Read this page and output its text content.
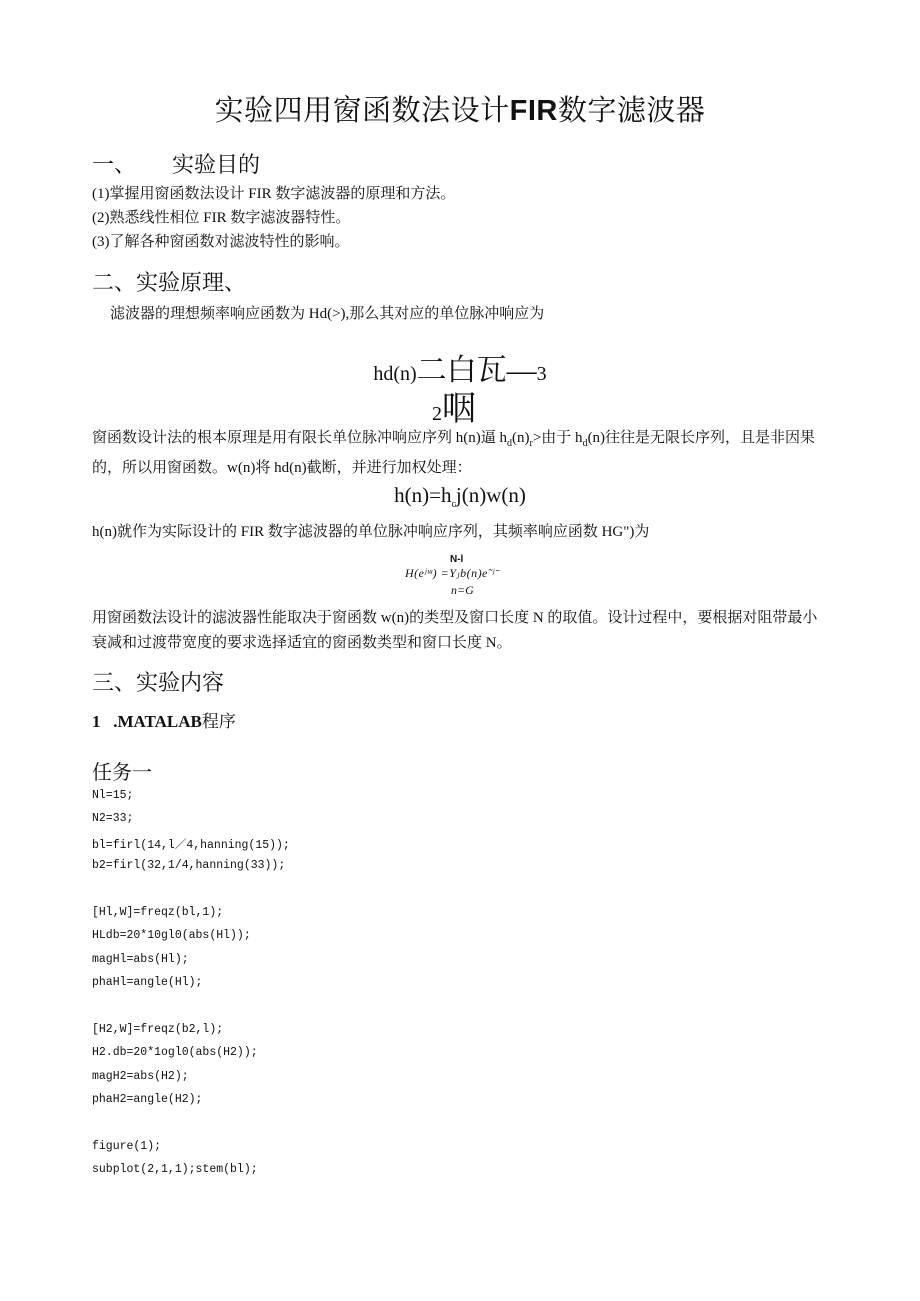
实验四用窗函数法设计FIR数字滤波器
一、 实验目的
(1)掌握用窗函数法设计 FIR 数字滤波器的原理和方法。
(2)熟悉线性相位 FIR 数字滤波器特性。
(3)了解各种窗函数对滤波特性的影响。
二、实验原理、
滤波器的理想频率响应函数为 Hd(>),那么其对应的单位脉冲响应为
hd(n)二白瓦—3
2咽
窗函数设计法的根本原理是用有限长单位脉冲响应序列 h(n)逼 $h_d(n)_r>$由于 $h_d(n)$往往是无限长序列，且是非因果的，所以用窗函数。w(n)将 hd(n)截断，并进行加权处理：
$h(n)=h_cj(n)w(n)$
h(n)就作为实际设计的 FIR 数字滤波器的单位脉冲响应序列，其频率响应函数 HG")为
N-l
H(eʲᵚ) =Yⱼb(n)e˜ʲˉ
n=G
用窗函数法设计的滤波器性能取决于窗函数 w(n)的类型及窗口长度 N 的取值。设计过程中，要根据对阻带最小衰减和过渡带宽度的要求选择适宜的窗函数类型和窗口长度 N。
三、实验内容
1 .MATALAB程序
任务一
Nl=15;
N2=33;
bl=firl(14,l／4,hanning(15));
b2=firl(32,1/4,hanning(33));
[Hl,W]=freqz(bl,1);
HLdb=20*10gl0(abs(Hl));
magHl=abs(Hl);
phaHl=angle(Hl);
[H2,W]=freqz(b2,l);
H2.db=20*1ogl0(abs(H2));
magH2=abs(H2);
phaH2=angle(H2);
figure(1);
subplot(2,1,1);stem(bl);
